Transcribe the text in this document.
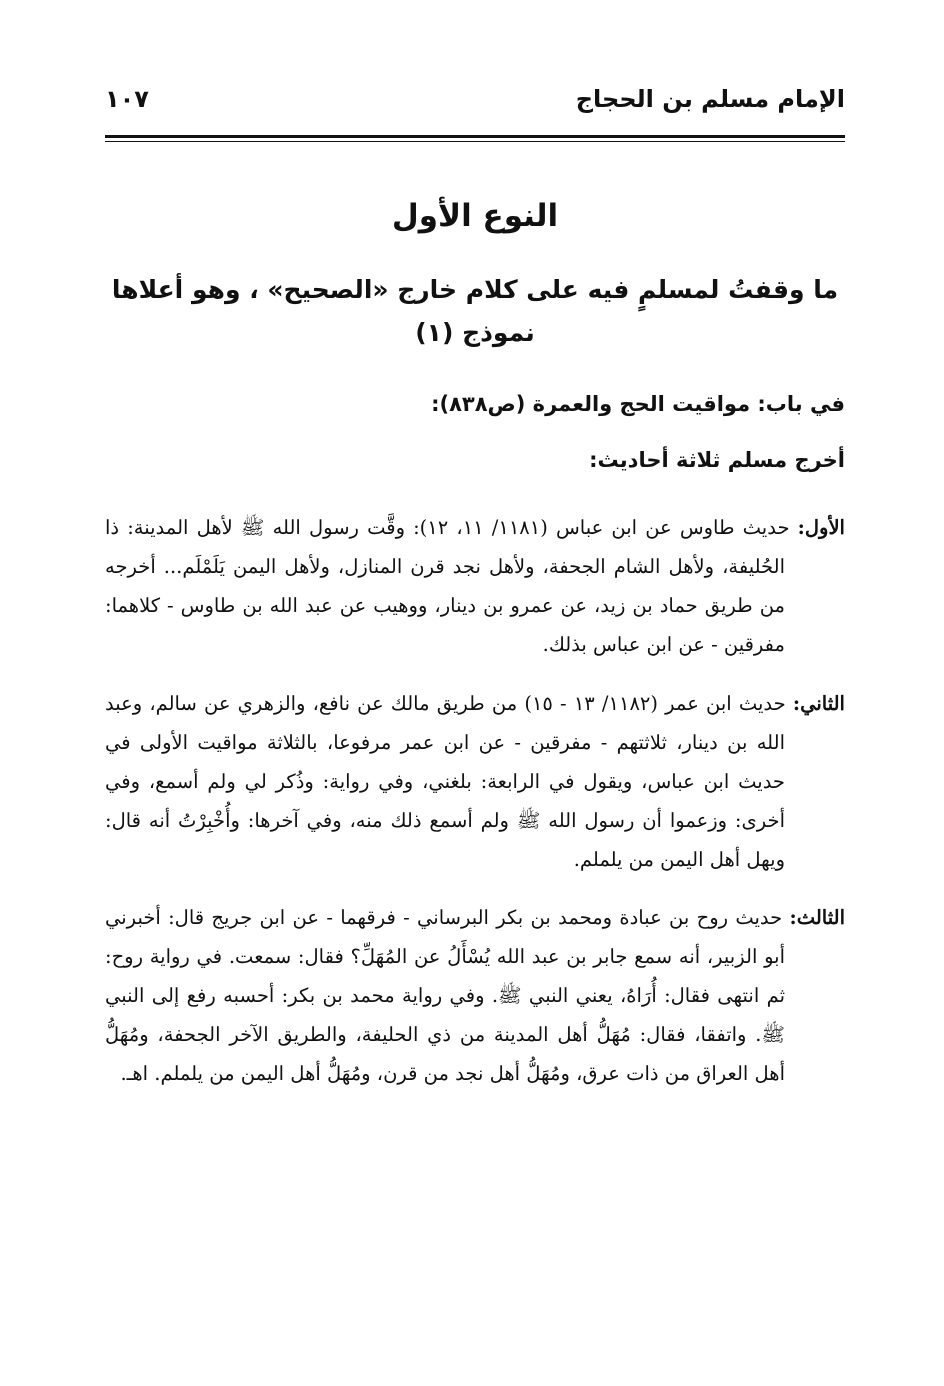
الإمام مسلم بن الحجاج
١٠٧
النوع الأول
ما وقفتُ لمسلمٍ فيه على كلام خارج «الصحيح» ، وهو أعلاها
نموذج (١)
في باب: مواقيت الحج والعمرة (ص٨٣٨):
أخرج مسلم ثلاثة أحاديث:

الأول: حديث طاوس عن ابن عباس (١١٨١/ ١١، ١٢): وقَّت رسول الله ﷺ لأهل المدينة: ذا الحُليفة، ولأهل الشام الجحفة، ولأهل نجد قرن المنازل، ولأهل اليمن يَلَمْلَم... أخرجه من طريق حماد بن زيد، عن عمرو بن دينار، ووهيب عن عبد الله بن طاوس - كلاهما: مفرقين - عن ابن عباس بذلك.

الثاني: حديث ابن عمر (١١٨٢/ ١٣ - ١٥) من طريق مالك عن نافع، والزهري عن سالم، وعبد الله بن دينار، ثلاثتهم - مفرقين - عن ابن عمر مرفوعا، بالثلاثة مواقيت الأولى في حديث ابن عباس، ويقول في الرابعة: بلغني، وفي رواية: وذُكر لي ولم أسمع، وفي أخرى: وزعموا أن رسول الله ﷺ ولم أسمع ذلك منه، وفي آخرها: وأُخْبِرْتُ أنه قال: ويهل أهل اليمن من يلملم.

الثالث: حديث روح بن عبادة ومحمد بن بكر البرساني - فرقهما - عن ابن جريج قال: أخبرني أبو الزبير، أنه سمع جابر بن عبد الله يُسْأَلُ عن المُهَلِّ؟ فقال: سمعت. في رواية روح: ثم انتهى فقال: أُرَاهُ، يعني النبي ﷺ. وفي رواية محمد بن بكر: أحسبه رفع إلى النبي ﷺ. واتفقا، فقال: مُهَلُّ أهل المدينة من ذي الحليفة، والطريق الآخر الجحفة، ومُهَلُّ أهل العراق من ذات عرق، ومُهَلُّ أهل نجد من قرن، ومُهَلُّ أهل اليمن من يلملم. اهـ.
